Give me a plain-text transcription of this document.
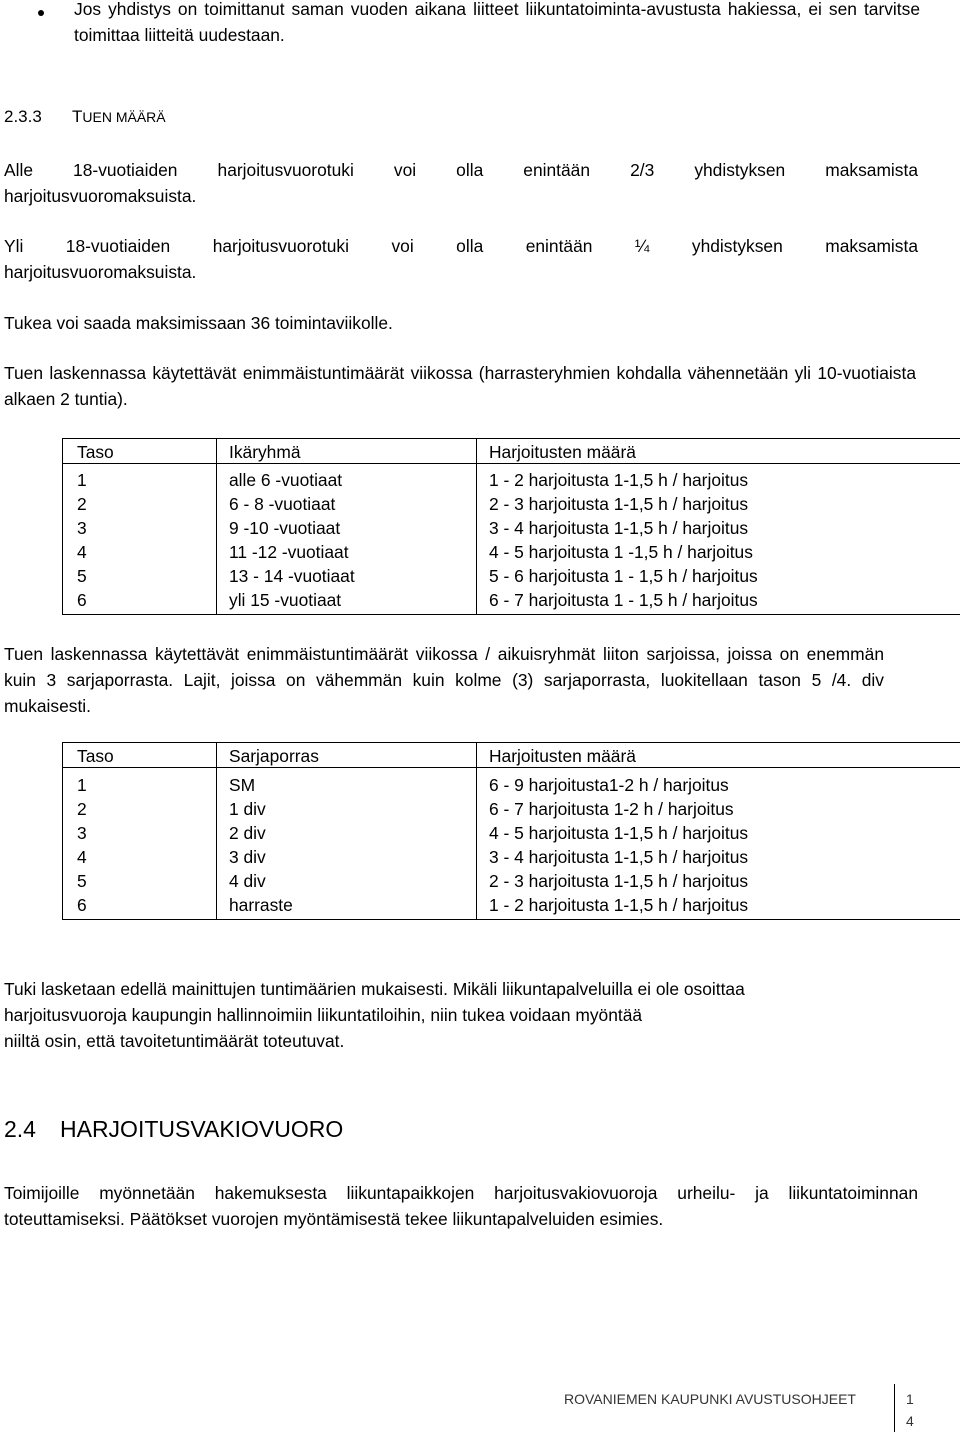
Jos yhdistys on toimittanut saman vuoden aikana liitteet liikuntatoiminta-avustusta hakiessa, ei sen tarvitse toimittaa liitteitä uudestaan.
2.3.3 TUEN MÄÄRÄ
Alle 18-vuotiaiden harjoitusvuorotuki voi olla enintään 2/3 yhdistyksen maksamista
harjoitusvuoromaksuista.
Yli 18-vuotiaiden harjoitusvuorotuki voi olla enintään ¼ yhdistyksen maksamista
harjoitusvuoromaksuista.
Tukea voi saada maksimissaan 36 toimintaviikolle.
Tuen laskennassa käytettävät enimmäistuntimäärät viikossa (harrasteryhmien kohdalla vähennetään yli 10-vuotiaista alkaen 2 tuntia).
Taso	Ikäryhmä	Harjoitusten määrä
1	alle 6 -vuotiaat	1 - 2 harjoitusta 1-1,5 h / harjoitus
2	6 - 8 -vuotiaat	2 - 3 harjoitusta 1-1,5 h / harjoitus
3	9 -10 -vuotiaat	3 - 4 harjoitusta 1-1,5 h / harjoitus
4	11 -12 -vuotiaat	4 - 5 harjoitusta 1 -1,5 h / harjoitus
5	13 - 14 -vuotiaat	5 - 6 harjoitusta 1 - 1,5 h / harjoitus
6	yli 15 -vuotiaat	6 - 7 harjoitusta 1 - 1,5 h / harjoitus
Tuen laskennassa käytettävät enimmäistuntimäärät viikossa / aikuisryhmät liiton sarjoissa, joissa on enemmän kuin 3 sarjaporrasta. Lajit, joissa on vähemmän kuin kolme (3) sarjaporrasta, luokitellaan tason 5 /4. div mukaisesti.
Taso	Sarjaporras	Harjoitusten määrä
1	SM	6 - 9 harjoitusta1-2 h / harjoitus
2	1 div	6 - 7 harjoitusta 1-2 h / harjoitus
3	2 div	4 - 5 harjoitusta 1-1,5 h / harjoitus
4	3 div	3 - 4 harjoitusta 1-1,5 h / harjoitus
5	4 div	2 - 3 harjoitusta 1-1,5 h / harjoitus
6	harraste	1 - 2 harjoitusta 1-1,5 h / harjoitus
Tuki lasketaan edellä mainittujen tuntimäärien mukaisesti. Mikäli liikuntapalveluilla ei ole osoittaa
harjoitusvuoroja kaupungin hallinnoimiin liikuntatiloihin, niin tukea voidaan myöntää
niiltä osin, että tavoitetuntimäärät toteutuvat.
2.4 HARJOITUSVAKIOVUORO
Toimijoille myönnetään hakemuksesta liikuntapaikkojen harjoitusvakiovuoroja urheilu- ja liikuntatoiminnan toteuttamiseksi. Päätökset vuorojen myöntämisestä tekee liikuntapalveluiden esimies.
ROVANIEMEN KAUPUNKI AVUSTUSOHJEET	1
4
